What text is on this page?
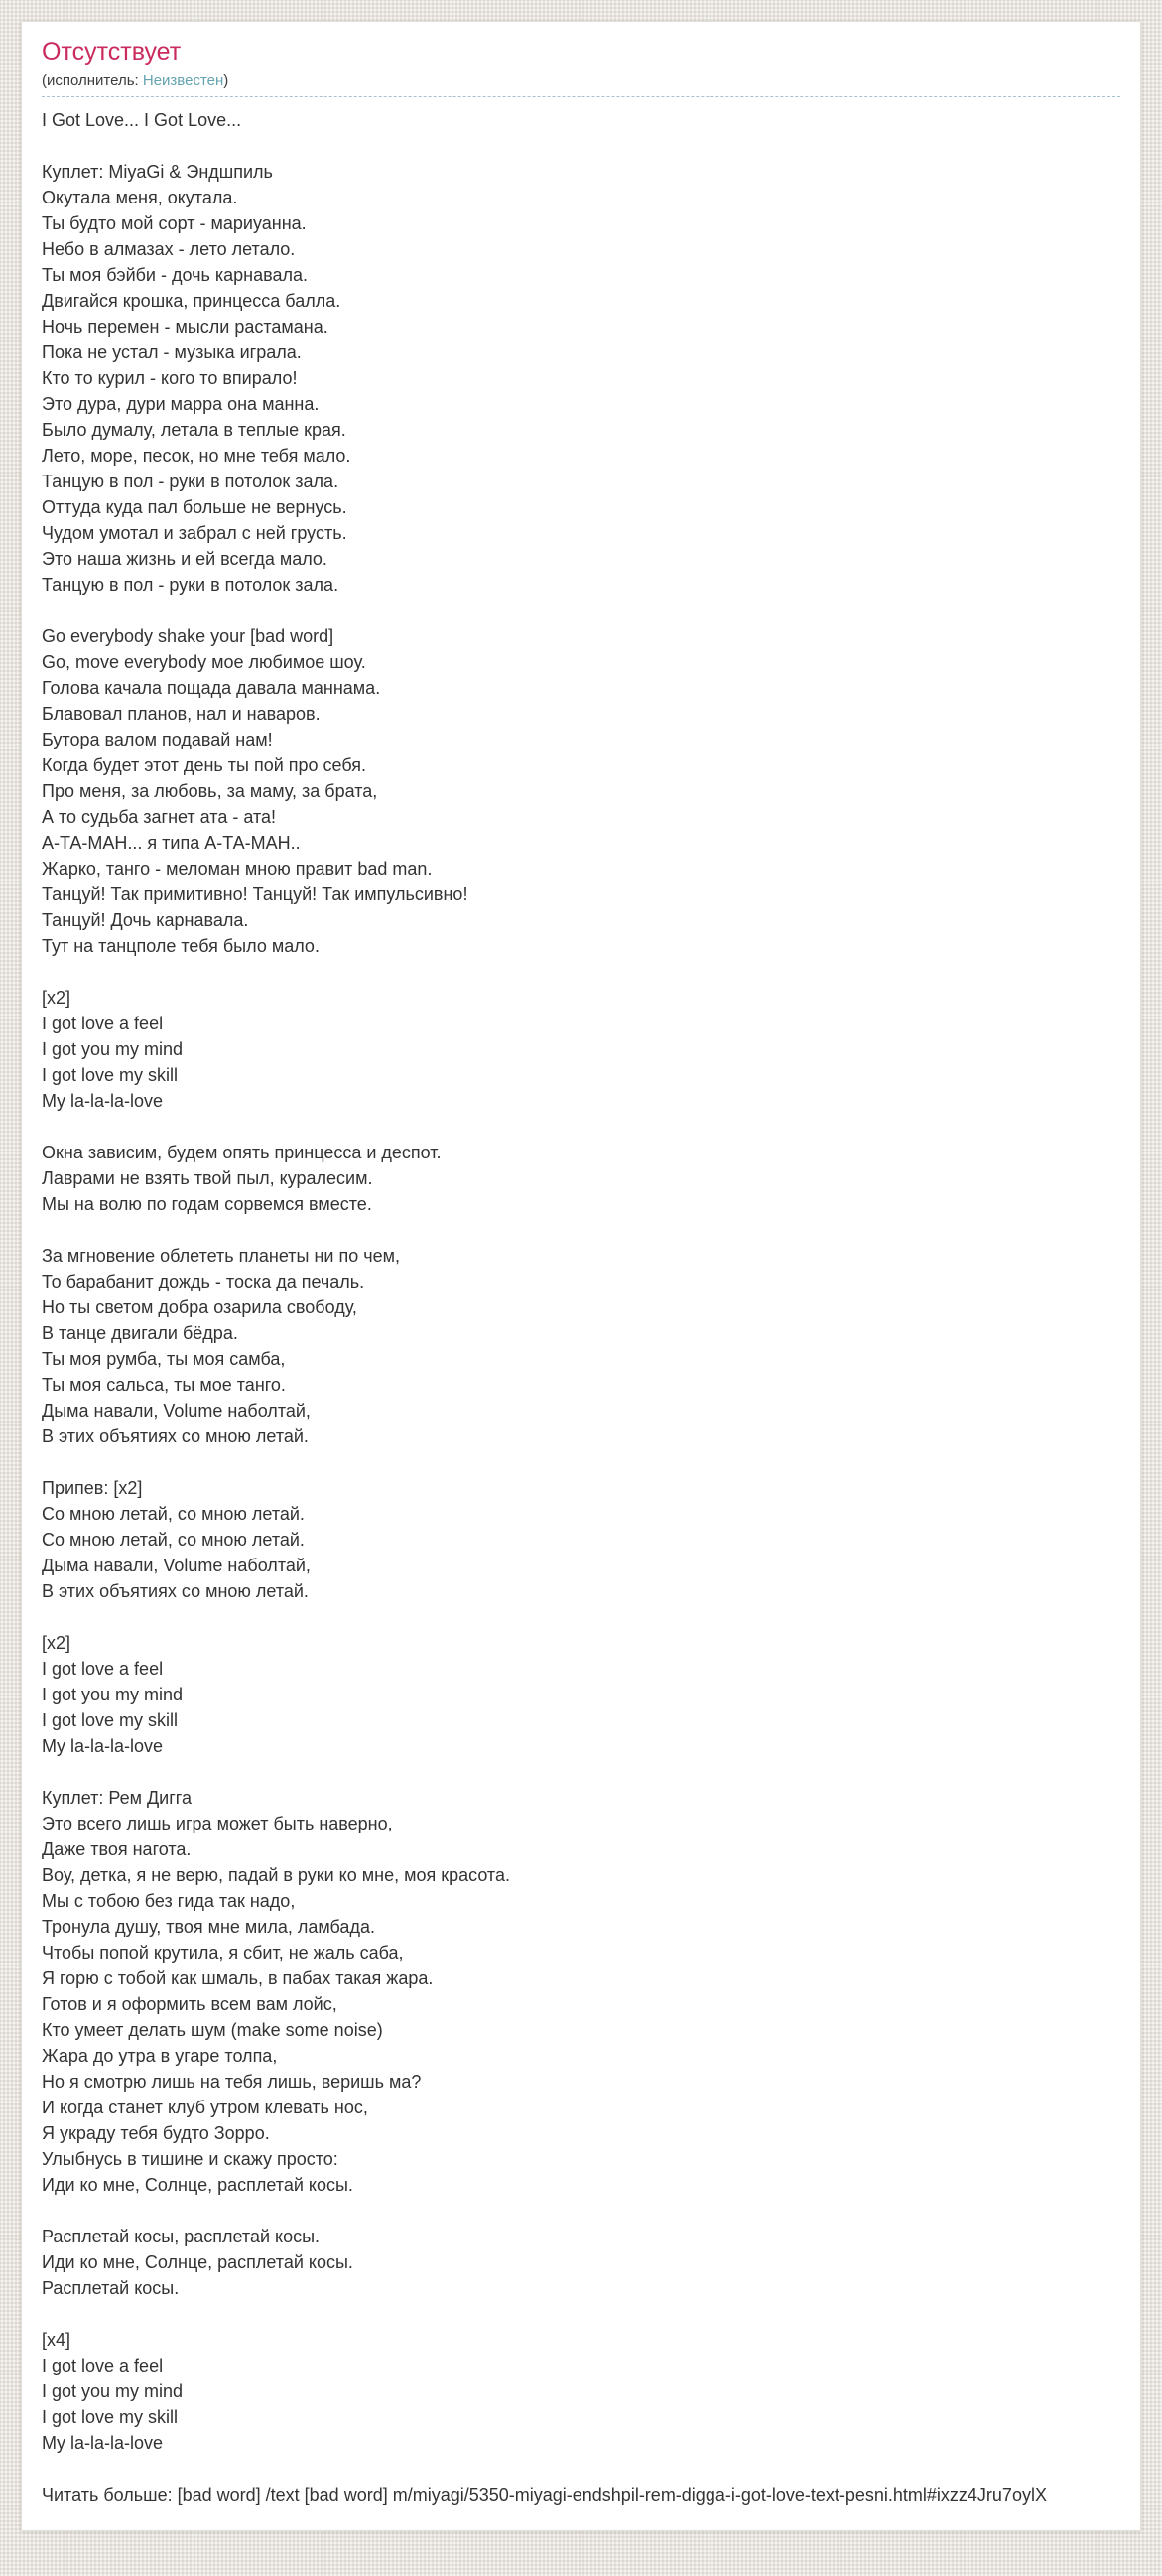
Отсутствует
(исполнитель: Неизвестен)
I Got Love... I Got Love...
Куплет: MiyaGi & Эндшпиль
Окутала меня, окутала.
Ты будто мой сорт - мариуанна.
Небо в алмазах - лето летало.
Ты моя бэйби - дочь карнавала.
Двигайся крошка, принцесса балла.
Ночь перемен - мысли растамана.
Пока не устал - музыка играла.
Кто то курил - кого то впирало!
Это дура, дури марра она манна.
Было думалу, летала в теплые края.
Лето, море, песок, но мне тебя мало.
Танцую в пол - руки в потолок зала.
Оттуда куда пал больше не вернусь.
Чудом умотал и забрал с ней грусть.
Это наша жизнь и ей всегда мало.
Танцую в пол - руки в потолок зала.
Go everybody shake your [bad word]
Go, move everybody мое любимое шоу.
Голова качала пощада давала маннама.
Блавовал планов, нал и наваров.
Бутора валом подавай нам!
Когда будет этот день ты пой про себя.
Про меня, за любовь, за маму, за брата,
А то судьба загнет ата - ата!
А-ТА-МАН... я типа А-ТА-МАН..
Жарко, танго - меломан мною правит bad man.
Танцуй! Так примитивно! Танцуй! Так импульсивно!
Танцуй! Дочь карнавала.
Тут на танцполе тебя было мало.
[x2]
I got love a feel
I got you my mind
I got love my skill
My la-la-la-love
Окна зависим, будем опять принцесса и деспот.
Лаврами не взять твой пыл, куралесим.
Мы на волю по годам сорвемся вместе.
За мгновение облететь планеты ни по чем,
То барабанит дождь - тоска да печаль.
Но ты светом добра озарила свободу,
В танце двигали бёдра.
Ты моя румба, ты моя самба,
Ты моя сальса, ты мое танго.
Дыма навали, Volume наболтай,
В этих объятиях со мною летай.
Припев: [x2]
Со мною летай, со мною летай.
Со мною летай, со мною летай.
Дыма навали, Volume наболтай,
В этих объятиях со мною летай.
[x2]
I got love a feel
I got you my mind
I got love my skill
My la-la-la-love
Куплет: Рем Дигга
Это всего лишь игра может быть наверно,
Даже твоя нагота.
Воу, детка, я не верю, падай в руки ко мне, моя красота.
Мы с тобою без гида так надо,
Тронула душу, твоя мне мила, ламбада.
Чтобы попой крутила, я сбит, не жаль саба,
Я горю с тобой как шмаль, в пабах такая жара.
Готов и я оформить всем вам лойс,
Кто умеет делать шум (make some noise)
Жара до утра в угаре толпа,
Но я смотрю лишь на тебя лишь, веришь ма?
И когда станет клуб утром клевать нос,
Я украду тебя будто Зорро.
Улыбнусь в тишине и скажу просто:
Иди ко мне, Солнце, расплетай косы.
Расплетай косы, расплетай косы.
Иди ко мне, Солнце, расплетай косы.
Расплетай косы.
[x4]
I got love a feel
I got you my mind
I got love my skill
My la-la-la-love
Читать больше: [bad word] /text [bad word] m/miyagi/5350-miyagi-endshpil-rem-digga-i-got-love-text-pesni.html#ixzz4Jru7oylX
